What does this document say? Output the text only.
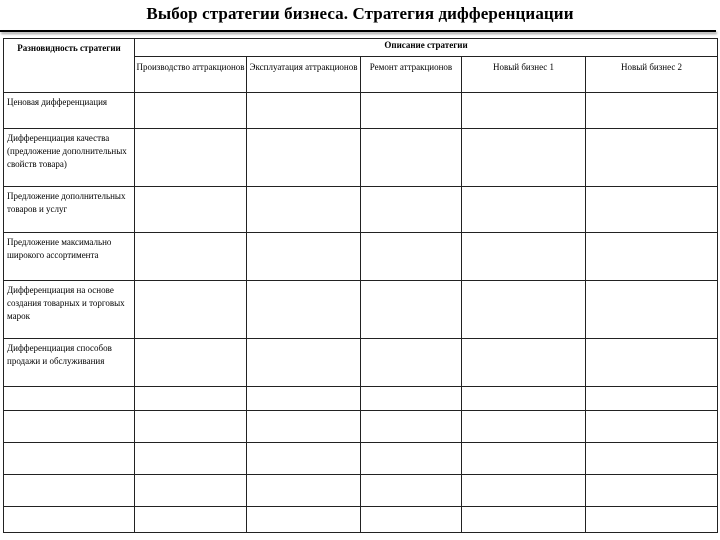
Выбор стратегии бизнеса. Стратегия дифференциации
Разновидность стратегии	Описание стратегии				
	Производство аттракционов	Эксплуатация аттракционов	Ремонт аттракционов	Новый бизнес 1	Новый бизнес 2
Ценовая дифференциация					
Дифференциация качества (предложение дополнительных свойств товара)					
Предложение дополнительных товаров и услуг					
Предложение максимально широкого ассортимента					
Дифференциация на основе создания товарных и торговых марок					
Дифференциация способов продажи и обслуживания					
